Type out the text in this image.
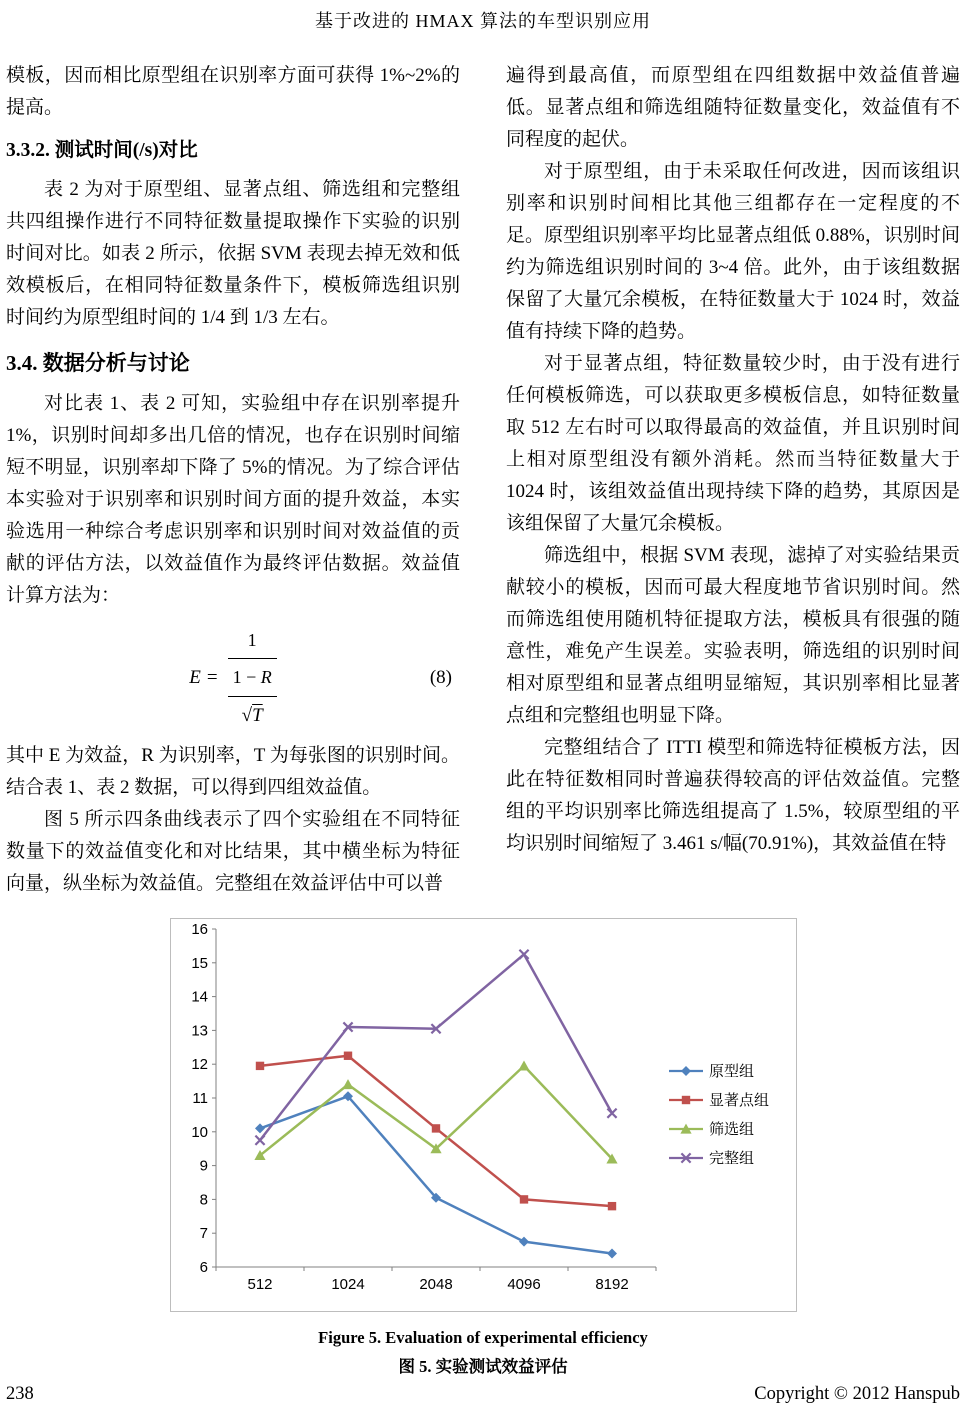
基于改进的 HMAX 算法的车型识别应用

模板，因而相比原型组在识别率方面可获得 1%~2%的提高。

3.3.2. 测试时间(/s)对比

表 2 为对于原型组、显著点组、筛选组和完整组共四组操作进行不同特征数量提取操作下实验的识别时间对比。如表 2 所示，依据 SVM 表现去掉无效和低效模板后，在相同特征数量条件下，模板筛选组识别时间约为原型组时间的 1/4 到 1/3 左右。

3.4. 数据分析与讨论

对比表 1、表 2 可知，实验组中存在识别率提升1%，识别时间却多出几倍的情况，也存在识别时间缩短不明显，识别率却下降了 5%的情况。为了综合评估本实验对于识别率和识别时间方面的提升效益，本实验选用一种综合考虑识别率和识别时间对效益值的贡献的评估方法，以效益值作为最终评估数据。效益值计算方法为：

$E = \frac{\frac{1}{1 - R}}{√T}$	(8)

其中 E 为效益，R 为识别率，T 为每张图的识别时间。结合表 1、表 2 数据，可以得到四组效益值。

图 5 所示四条曲线表示了四个实验组在不同特征数量下的效益值变化和对比结果，其中横坐标为特征向量，纵坐标为效益值。完整组在效益评估中可以普

遍得到最高值，而原型组在四组数据中效益值普遍低。显著点组和筛选组随特征数量变化，效益值有不同程度的起伏。

对于原型组，由于未采取任何改进，因而该组识别率和识别时间相比其他三组都存在一定程度的不足。原型组识别率平均比显著点组低 0.88%，识别时间约为筛选组识别时间的 3~4 倍。此外，由于该组数据保留了大量冗余模板，在特征数量大于 1024 时，效益值有持续下降的趋势。

对于显著点组，特征数量较少时，由于没有进行任何模板筛选，可以获取更多模板信息，如特征数量取 512 左右时可以取得最高的效益值，并且识别时间上相对原型组没有额外消耗。然而当特征数量大于 1024 时，该组效益值出现持续下降的趋势，其原因是该组保留了大量冗余模板。

筛选组中，根据 SVM 表现，滤掉了对实验结果贡献较小的模板，因而可最大程度地节省识别时间。然而筛选组使用随机特征提取方法，模板具有很强的随意性，难免产生误差。实验表明，筛选组的识别时间相对原型组和显著点组明显缩短，其识别率相比显著点组和完整组也明显下降。

完整组结合了 ITTI 模型和筛选特征模板方法，因此在特征数相同时普遍获得较高的评估效益值。完整组的平均识别率比筛选组提高了 1.5%，较原型组的平均识别时间缩短了 3.461 s/幅(70.91%)，其效益值在特

6
7
8
9
10
11
12
13
14
15
16
512	1024	2048	4096	8192
原型组
显著点组
筛选组
完整组
Figure 5. Evaluation of experimental efficiency
图 5. 实验测试效益评估
238	Copyright © 2012 Hanspub
